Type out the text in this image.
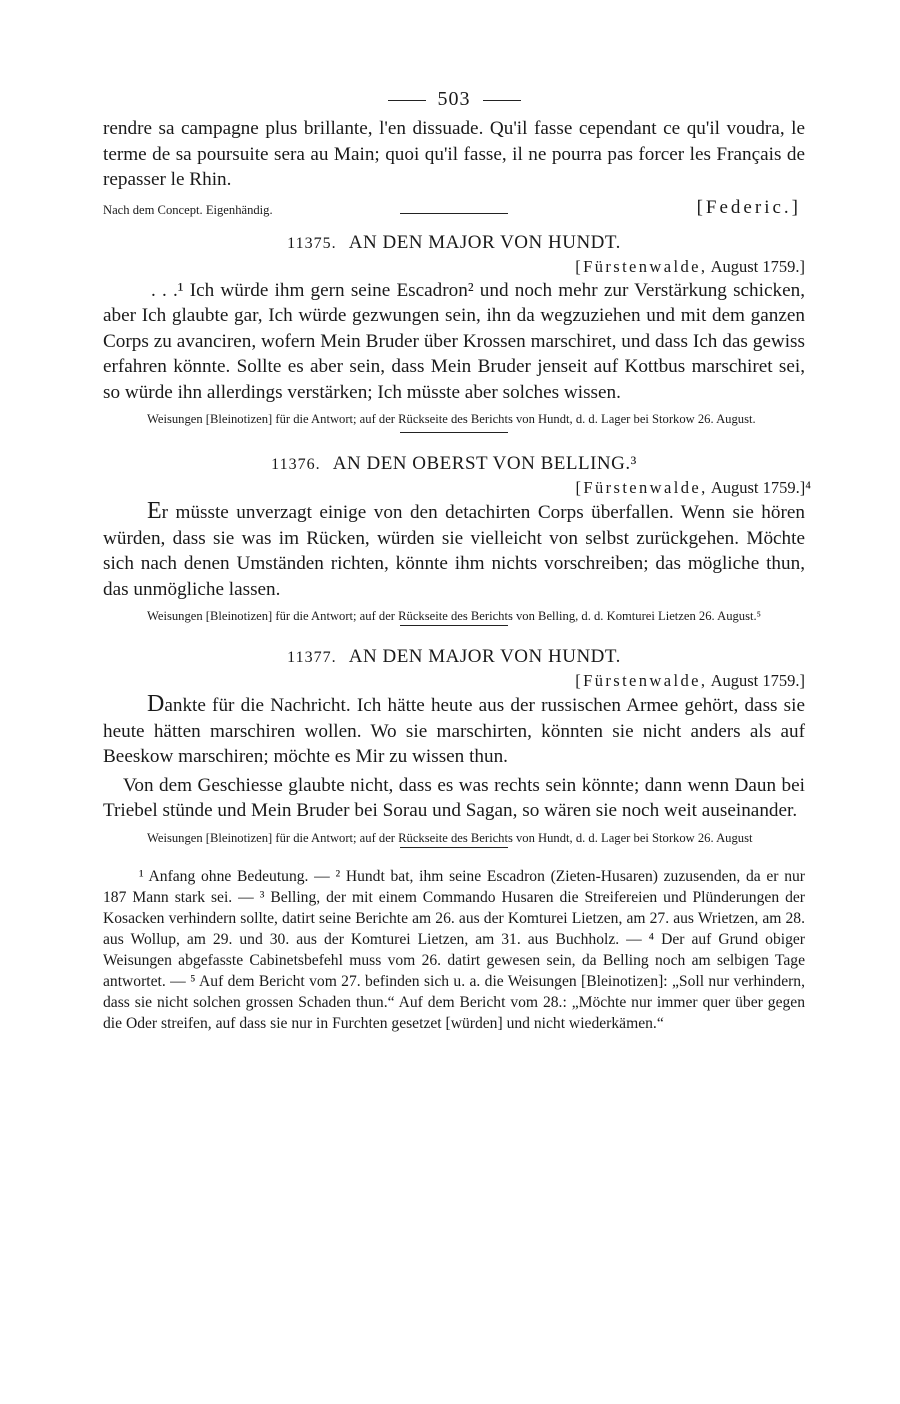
503

rendre sa campagne plus brillante, l'en dissuade. Qu'il fasse cependant ce qu'il voudra, le terme de sa poursuite sera au Main; quoi qu'il fasse, il ne pourra pas forcer les Français de repasser le Rhin.

Nach dem Concept. Eigenhändig.	[Federic.]

11375. AN DEN MAJOR VON HUNDT.

[Fürstenwalde, August 1759.]

. . .¹ Ich würde ihm gern seine Escadron² und noch mehr zur Verstärkung schicken, aber Ich glaubte gar, Ich würde gezwungen sein, ihn da wegzuziehen und mit dem ganzen Corps zu avanciren, wofern Mein Bruder über Krossen marschiret, und dass Ich das gewiss erfahren könnte. Sollte es aber sein, dass Mein Bruder jenseit auf Kottbus marschiret sei, so würde ihn allerdings verstärken; Ich müsste aber solches wissen.

Weisungen [Bleinotizen] für die Antwort; auf der Rückseite des Berichts von Hundt, d. d. Lager bei Storkow 26. August.

11376. AN DEN OBERST VON BELLING.³

[Fürstenwalde, August 1759.]⁴

Er müsste unverzagt einige von den detachirten Corps überfallen. Wenn sie hören würden, dass sie was im Rücken, würden sie vielleicht von selbst zurückgehen. Möchte sich nach denen Umständen richten, könnte ihm nichts vorschreiben; das mögliche thun, das unmögliche lassen.

Weisungen [Bleinotizen] für die Antwort; auf der Rückseite des Berichts von Belling, d. d. Komturei Lietzen 26. August.⁵

11377. AN DEN MAJOR VON HUNDT.

[Fürstenwalde, August 1759.]

Dankte für die Nachricht. Ich hätte heute aus der russischen Armee gehört, dass sie heute hätten marschiren wollen. Wo sie marschirten, könnten sie nicht anders als auf Beeskow marschiren; möchte es Mir zu wissen thun.

Von dem Geschiesse glaubte nicht, dass es was rechts sein könnte; dann wenn Daun bei Triebel stünde und Mein Bruder bei Sorau und Sagan, so wären sie noch weit auseinander.

Weisungen [Bleinotizen] für die Antwort; auf der Rückseite des Berichts von Hundt, d. d. Lager bei Storkow 26. August

¹ Anfang ohne Bedeutung. — ² Hundt bat, ihm seine Escadron (Zieten-Husaren) zuzusenden, da er nur 187 Mann stark sei. — ³ Belling, der mit einem Commando Husaren die Streifereien und Plünderungen der Kosacken verhindern sollte, datirt seine Berichte am 26. aus der Komturei Lietzen, am 27. aus Wrietzen, am 28. aus Wollup, am 29. und 30. aus der Komturei Lietzen, am 31. aus Buchholz. — ⁴ Der auf Grund obiger Weisungen abgefasste Cabinetsbefehl muss vom 26. datirt gewesen sein, da Belling noch am selbigen Tage antwortet. — ⁵ Auf dem Bericht vom 27. befinden sich u. a. die Weisungen [Bleinotizen]: „Soll nur verhindern, dass sie nicht solchen grossen Schaden thun.“ Auf dem Bericht vom 28.: „Möchte nur immer quer über gegen die Oder streifen, auf dass sie nur in Furchten gesetzet [würden] und nicht wiederkämen.“
